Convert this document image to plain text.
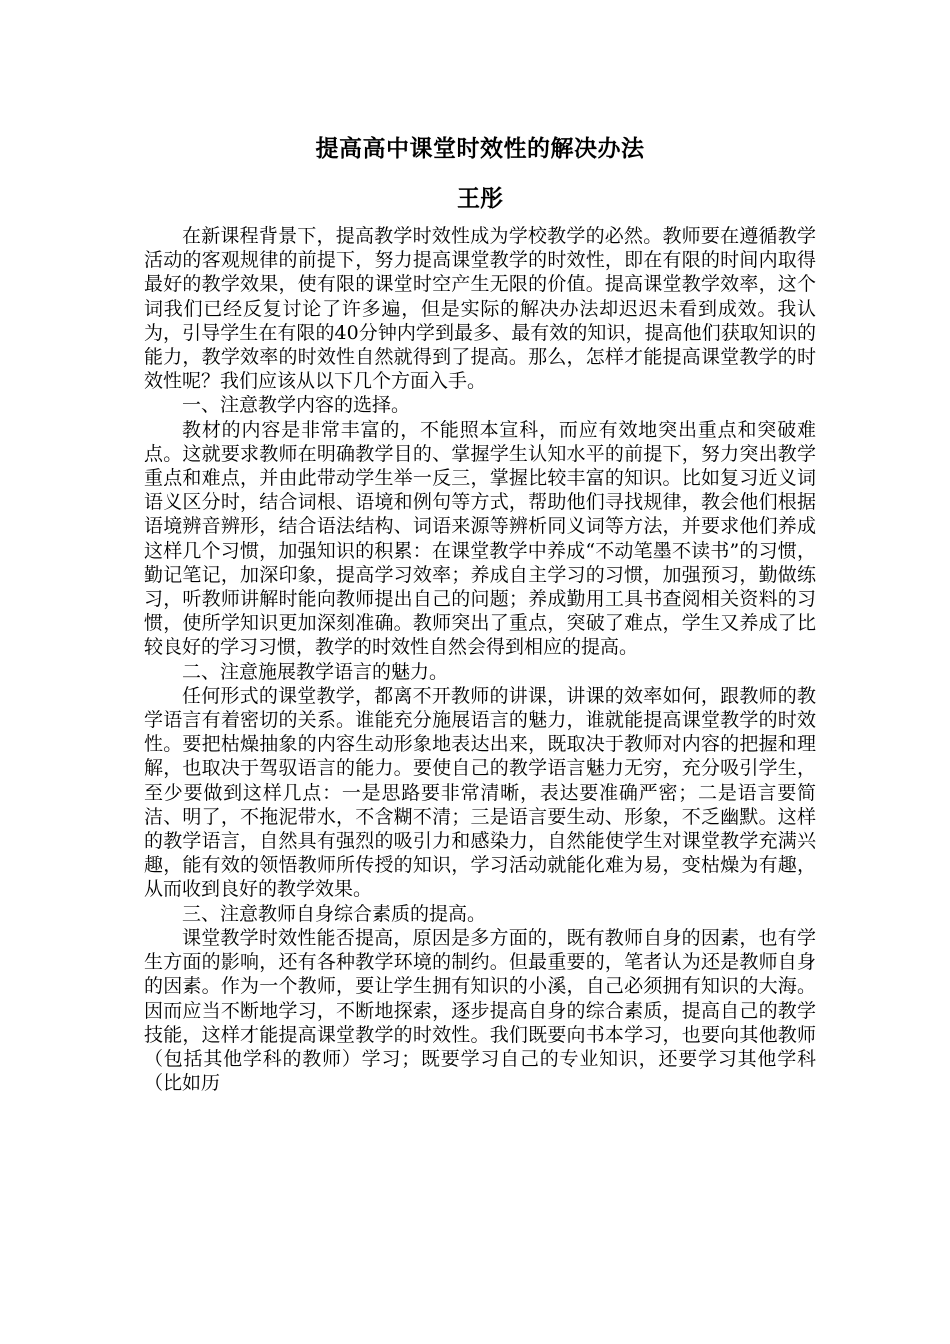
提高高中课堂时效性的解决办法
王彤

在新课程背景下，提高教学时效性成为学校教学的必然。教师要在遵循教学活动的客观规律的前提下，努力提高课堂教学的时效性，即在有限的时间内取得最好的教学效果，使有限的课堂时空产生无限的价值。提高课堂教学效率，这个词我们已经反复讨论了许多遍，但是实际的解决办法却迟迟未看到成效。我认为，引导学生在有限的40分钟内学到最多、最有效的知识，提高他们获取知识的能力，教学效率的时效性自然就得到了提高。那么，怎样才能提高课堂教学的时效性呢？我们应该从以下几个方面入手。

一、注意教学内容的选择。

教材的内容是非常丰富的，不能照本宣科，而应有效地突出重点和突破难点。这就要求教师在明确教学目的、掌握学生认知水平的前提下，努力突出教学重点和难点，并由此带动学生举一反三，掌握比较丰富的知识。比如复习近义词语义区分时，结合词根、语境和例句等方式，帮助他们寻找规律，教会他们根据语境辨音辨形，结合语法结构、词语来源等辨析同义词等方法，并要求他们养成这样几个习惯，加强知识的积累：在课堂教学中养成“不动笔墨不读书”的习惯，勤记笔记，加深印象，提高学习效率；养成自主学习的习惯，加强预习，勤做练习，听教师讲解时能向教师提出自己的问题；养成勤用工具书查阅相关资料的习惯，使所学知识更加深刻准确。教师突出了重点，突破了难点，学生又养成了比较良好的学习习惯，教学的时效性自然会得到相应的提高。

二、注意施展教学语言的魅力。

任何形式的课堂教学，都离不开教师的讲课，讲课的效率如何，跟教师的教学语言有着密切的关系。谁能充分施展语言的魅力，谁就能提高课堂教学的时效性。要把枯燥抽象的内容生动形象地表达出来，既取决于教师对内容的把握和理解，也取决于驾驭语言的能力。要使自己的教学语言魅力无穷，充分吸引学生，至少要做到这样几点：一是思路要非常清晰，表达要准确严密；二是语言要简洁、明了，不拖泥带水，不含糊不清；三是语言要生动、形象，不乏幽默。这样的教学语言，自然具有强烈的吸引力和感染力，自然能使学生对课堂教学充满兴趣，能有效的领悟教师所传授的知识，学习活动就能化难为易，变枯燥为有趣，从而收到良好的教学效果。

三、注意教师自身综合素质的提高。

课堂教学时效性能否提高，原因是多方面的，既有教师自身的因素，也有学生方面的影响，还有各种教学环境的制约。但最重要的，笔者认为还是教师自身的因素。作为一个教师，要让学生拥有知识的小溪，自己必须拥有知识的大海。因而应当不断地学习，不断地探索，逐步提高自身的综合素质，提高自己的教学技能，这样才能提高课堂教学的时效性。我们既要向书本学习，也要向其他教师（包括其他学科的教师）学习；既要学习自己的专业知识，还要学习其他学科（比如历
